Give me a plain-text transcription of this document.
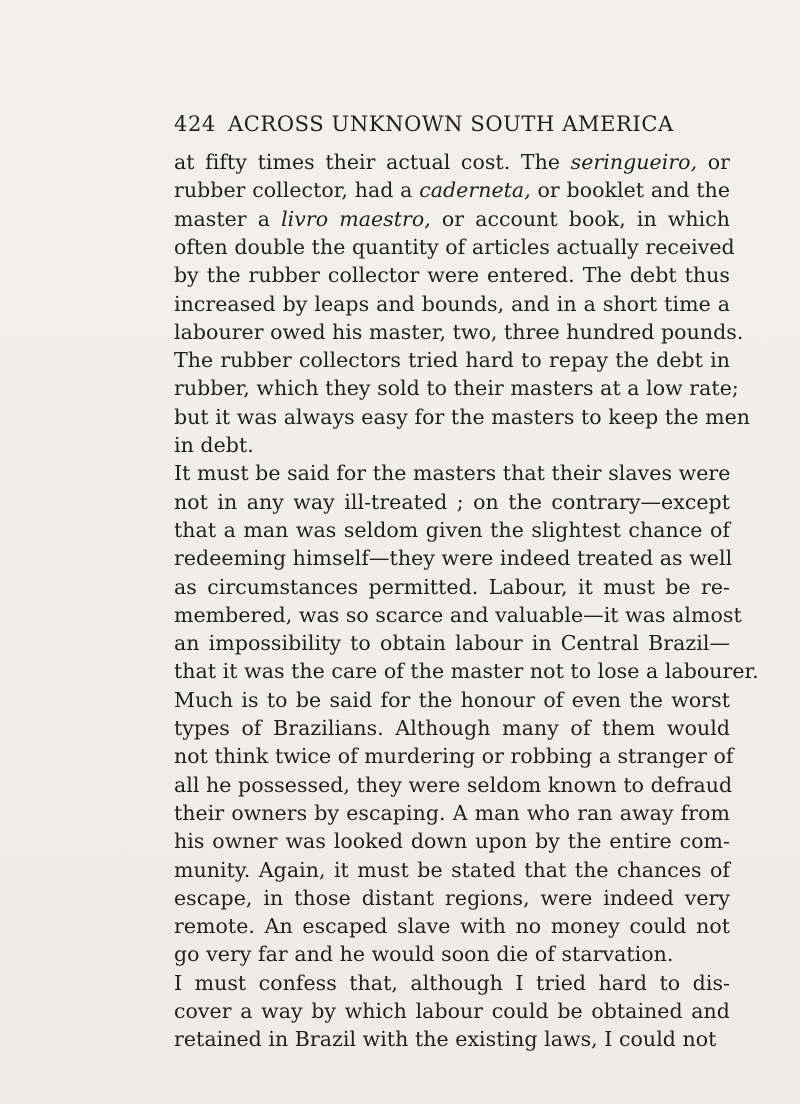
424 ACROSS UNKNOWN SOUTH AMERICA
at fifty times their actual cost. The seringueiro, or
rubber collector, had a caderneta, or booklet and the
master a livro maestro, or account book, in which
often double the quantity of articles actually received
by the rubber collector were entered. The debt thus
increased by leaps and bounds, and in a short time a
labourer owed his master, two, three hundred pounds.
The rubber collectors tried hard to repay the debt in
rubber, which they sold to their masters at a low rate;
but it was always easy for the masters to keep the men
in debt.
It must be said for the masters that their slaves were
not in any way ill-treated ; on the contrary—except
that a man was seldom given the slightest chance of
redeeming himself—they were indeed treated as well
as circumstances permitted. Labour, it must be re-
membered, was so scarce and valuable—it was almost
an impossibility to obtain labour in Central Brazil—
that it was the care of the master not to lose a labourer.
Much is to be said for the honour of even the worst
types of Brazilians. Although many of them would
not think twice of murdering or robbing a stranger of
all he possessed, they were seldom known to defraud
their owners by escaping. A man who ran away from
his owner was looked down upon by the entire com-
munity. Again, it must be stated that the chances of
escape, in those distant regions, were indeed very
remote. An escaped slave with no money could not
go very far and he would soon die of starvation.
I must confess that, although I tried hard to dis-
cover a way by which labour could be obtained and
retained in Brazil with the existing laws, I could not
